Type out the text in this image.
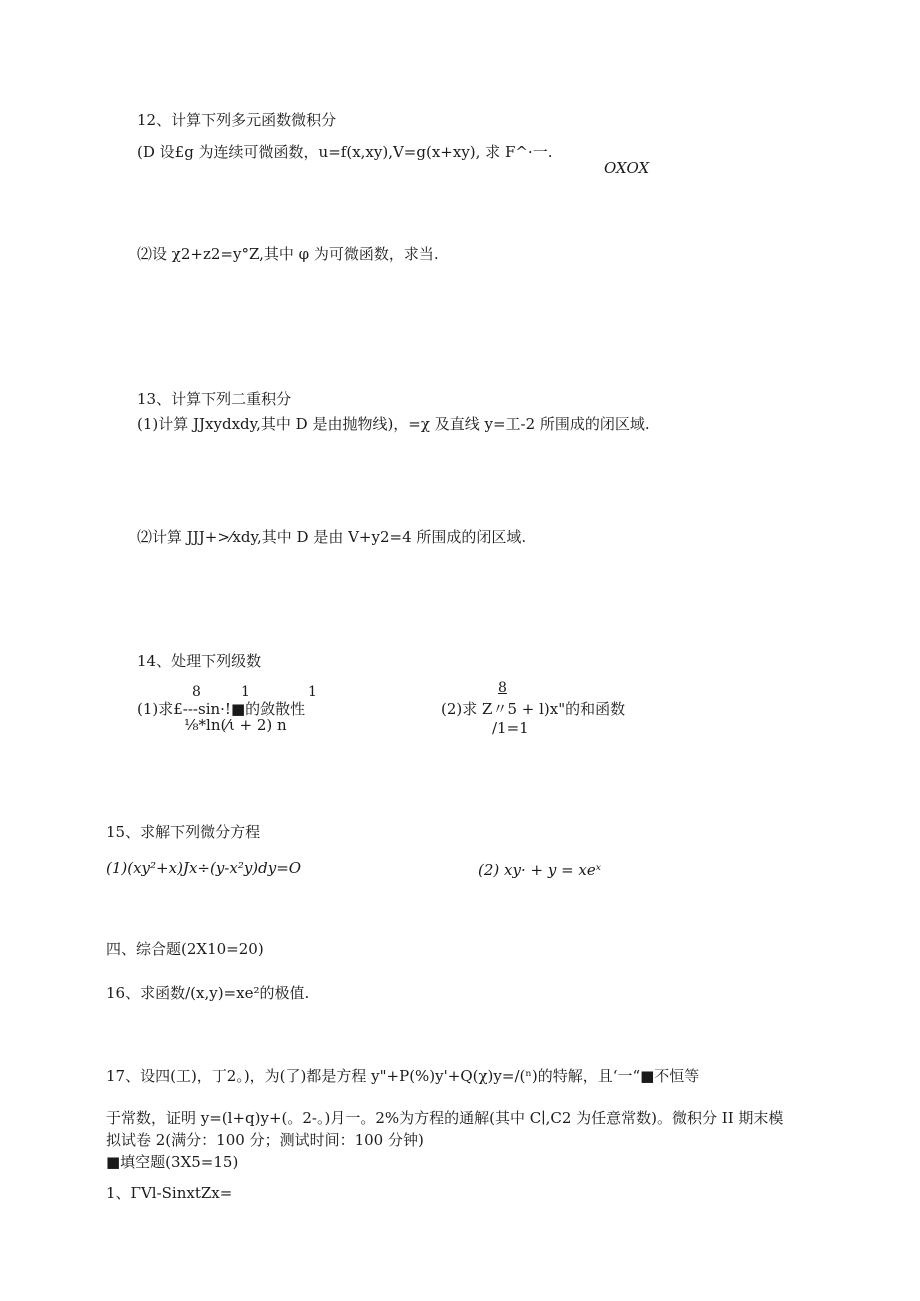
12、计算下列多元函数微积分
(D 设£g 为连续可微函数，u=f(x,xy),V=g(x+xy), 求 F^·一.
OXOX
⑵设 χ2+z2=y°Z,其中 φ 为可微函数，求当.
13、计算下列二重积分
(1)计算 JJxydxdy,其中 D 是由抛物线)，=χ 及直线 y=工-2 所围成的闭区域.
⑵计算 JJJ+>⁄xdy,其中 D 是由 V+y2=4 所围成的闭区域.
14、处理下列级数
8	1	1
(1)求£---sin·!■的敛散性
⅛*ln(⁄ι + 2) n
8
(2)求 Z〃5 + l)x"的和函数
/1=1
15、求解下列微分方程
(1)(xy²+x)Jx÷(y-x²y)dy=O	(2) xy· + y = xeˣ
四、综合题(2X10=20)
16、求函数/(x,y)=xe²的极值.
17、设四(工)，丁2。)，为(了)都是方程 y"+P(%)y'+Q(χ)y=/(ⁿ)的特解，且‘一“■不恒等
于常数，证明 y=(l+q)y+(。2-。)月一。2%为方程的通解(其中 C∣,C2 为任意常数)。微积分 II 期末模
拟试卷 2(满分：100 分；测试时间：100 分钟)
■填空题(3X5=15)
1、ΓVl-SinxtZx=
